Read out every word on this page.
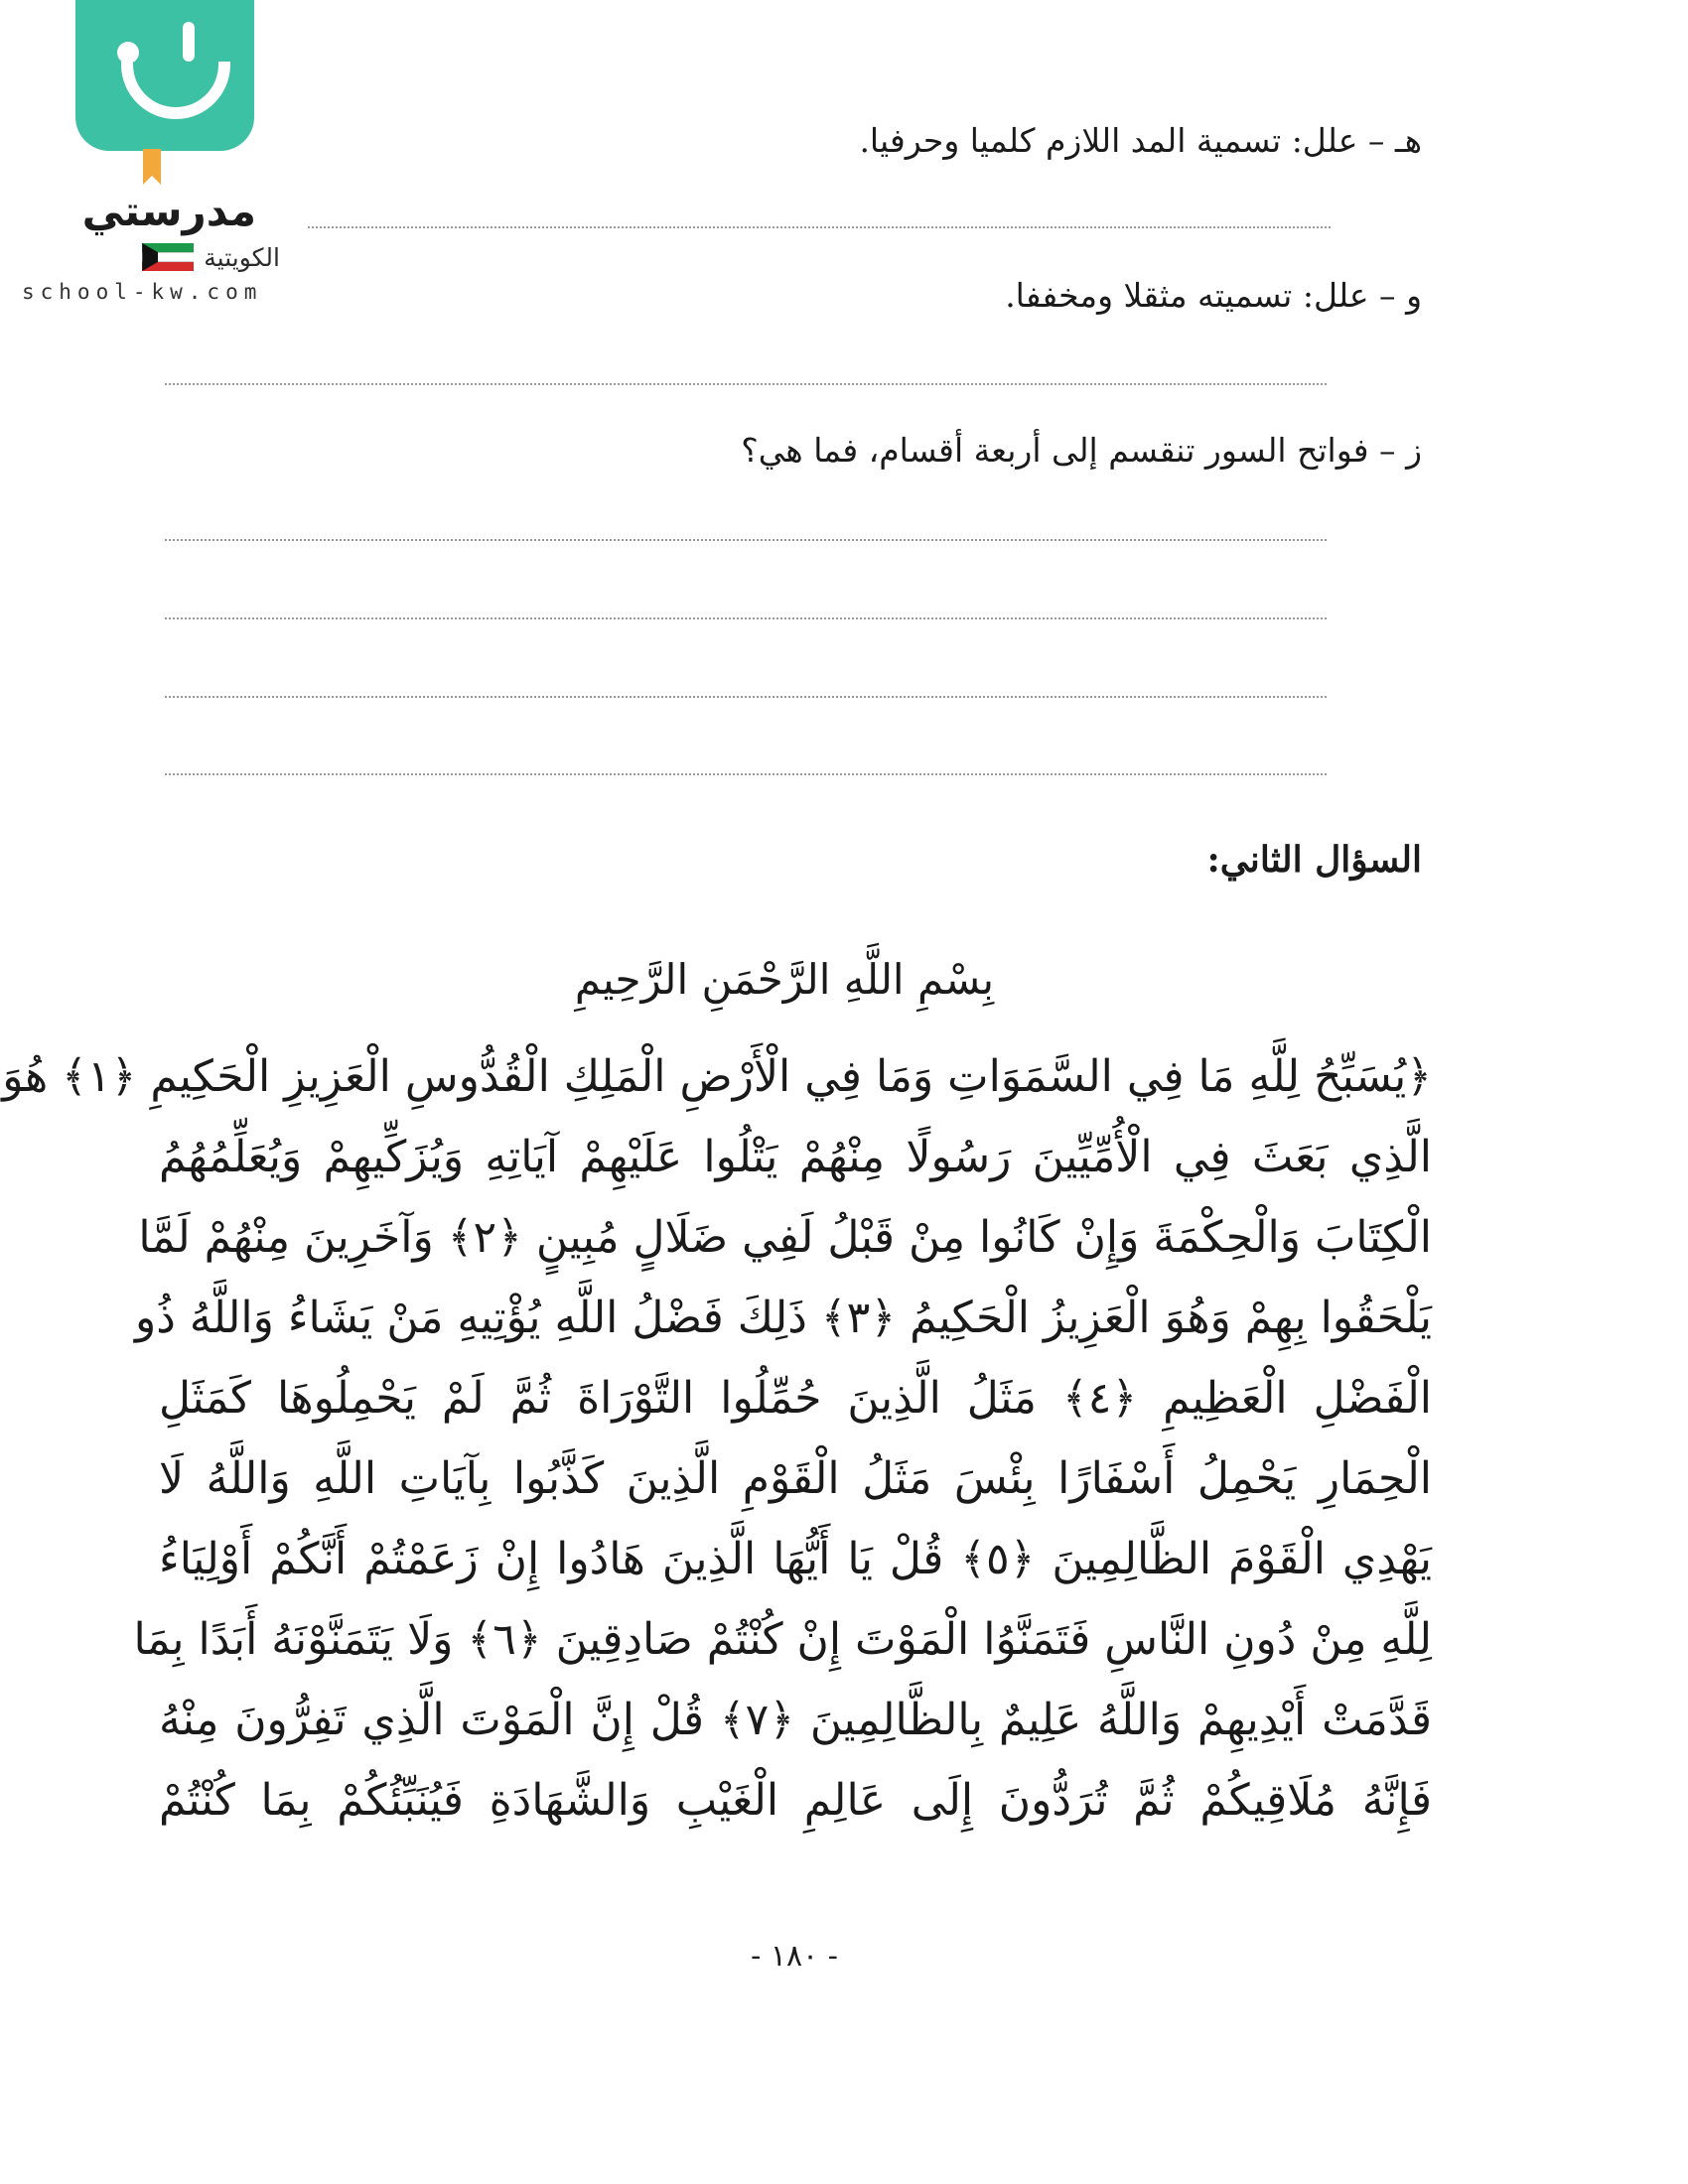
مدرستي
الكويتية
school-kw.com
هـ – علل: تسمية المد اللازم كلميا وحرفيا.
و – علل: تسميته مثقلا ومخففا.
ز – فواتح السور تنقسم إلى أربعة أقسام، فما هي؟
السؤال الثاني:
بِسْمِ اللَّهِ الرَّحْمَنِ الرَّحِيمِ
﴿يُسَبِّحُ لِلَّهِ مَا فِي السَّمَوَاتِ وَمَا فِي الْأَرْضِ الْمَلِكِ الْقُدُّوسِ الْعَزِيزِ الْحَكِيمِ ﴿١﴾ هُوَ
الَّذِي بَعَثَ فِي الْأُمِّيِّينَ رَسُولًا مِنْهُمْ يَتْلُوا عَلَيْهِمْ آيَاتِهِ وَيُزَكِّيهِمْ وَيُعَلِّمُهُمُ
الْكِتَابَ وَالْحِكْمَةَ وَإِنْ كَانُوا مِنْ قَبْلُ لَفِي ضَلَالٍ مُبِينٍ ﴿٢﴾ وَآخَرِينَ مِنْهُمْ لَمَّا
يَلْحَقُوا بِهِمْ وَهُوَ الْعَزِيزُ الْحَكِيمُ ﴿٣﴾ ذَلِكَ فَضْلُ اللَّهِ يُؤْتِيهِ مَنْ يَشَاءُ وَاللَّهُ ذُو
الْفَضْلِ الْعَظِيمِ ﴿٤﴾ مَثَلُ الَّذِينَ حُمِّلُوا التَّوْرَاةَ ثُمَّ لَمْ يَحْمِلُوهَا كَمَثَلِ
الْحِمَارِ يَحْمِلُ أَسْفَارًا بِئْسَ مَثَلُ الْقَوْمِ الَّذِينَ كَذَّبُوا بِآيَاتِ اللَّهِ وَاللَّهُ لَا
يَهْدِي الْقَوْمَ الظَّالِمِينَ ﴿٥﴾ قُلْ يَا أَيُّهَا الَّذِينَ هَادُوا إِنْ زَعَمْتُمْ أَنَّكُمْ أَوْلِيَاءُ
لِلَّهِ مِنْ دُونِ النَّاسِ فَتَمَنَّوُا الْمَوْتَ إِنْ كُنْتُمْ صَادِقِينَ ﴿٦﴾ وَلَا يَتَمَنَّوْنَهُ أَبَدًا بِمَا
قَدَّمَتْ أَيْدِيهِمْ وَاللَّهُ عَلِيمٌ بِالظَّالِمِينَ ﴿٧﴾ قُلْ إِنَّ الْمَوْتَ الَّذِي تَفِرُّونَ مِنْهُ
فَإِنَّهُ مُلَاقِيكُمْ ثُمَّ تُرَدُّونَ إِلَى عَالِمِ الْغَيْبِ وَالشَّهَادَةِ فَيُنَبِّئُكُمْ بِمَا كُنْتُمْ
- ١٨٠ -
